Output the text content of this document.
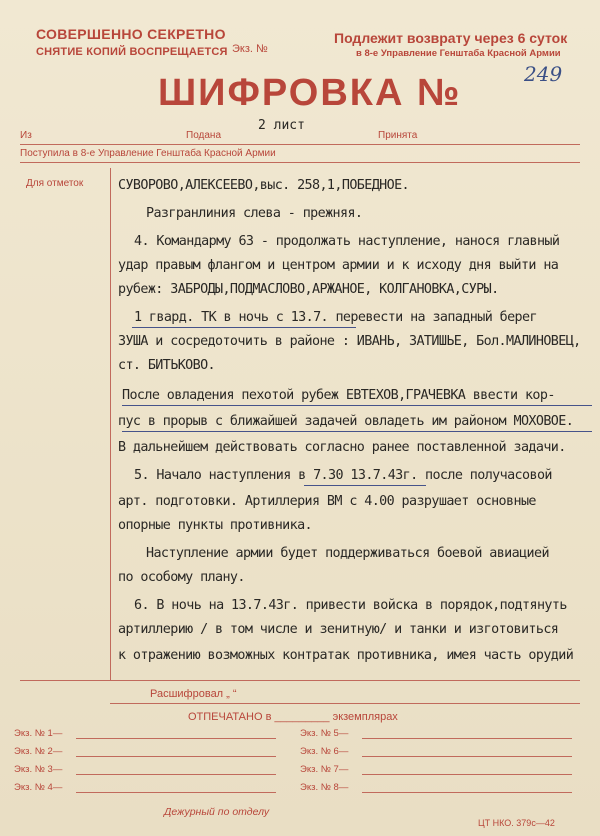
СОВЕРШЕННО СЕКРЕТНО
СНЯТИЕ КОПИЙ ВОСПРЕЩАЕТСЯ Экз. №
Подлежит возврату через 6 суток
в 8-е Управление Генштаба Красной Армии
249
ШИФРОВКА №
2 лист
Из	Подана	Принята
Поступила в 8-е Управление Генштаба Красной Армии
Для отметок	СУВОРОВО,АЛЕКСЕЕВО,выс. 258,1,ПОБЕДНОЕ.
Разгранлиния слева - прежняя.
4. Командарму 63 - продолжать наступление, нанося главный
удар правым флангом и центром армии и к исходу дня выйти на
рубеж: ЗАБРОДЫ,ПОДМАСЛОВО,АРЖАНОЕ, КОЛГАНОВКА,СУРЫ.
1 гвард. ТК в ночь с 13.7. перевести на западный берег
ЗУША и сосредоточить в районе : ИВАНЬ, ЗАТИШЬЕ, Бол.МАЛИНОВЕЦ,
ст. БИТЬКОВО.
После овладения пехотой рубеж ЕВТЕХОВ,ГРАЧЕВКА ввести кор-
пус в прорыв с ближайшей задачей овладеть им районом МОХОВОЕ.
В дальнейшем действовать согласно ранее поставленной задачи.
5. Начало наступления в 7.30 13.7.43г. после получасовой
арт. подготовки. Артиллерия ВМ с 4.00 разрушает основные
опорные пункты противника.
Наступление армии будет поддерживаться боевой авиацией
по особому плану.
6. В ночь на 13.7.43г. привести войска в порядок,подтянуть
артиллерию / в том числе и зенитную/ и танки и изготовиться
к отражению возможных контратак противника, имея часть орудий
Расшифровал „ “
ОТПЕЧАТАНО в _________ экземплярах
Экз. № 1—
Экз. № 2—
Экз. № 3—
Экз. № 4—
Экз. № 5—
Экз. № 6—
Экз. № 7—
Экз. № 8—
Дежурный по отделу
ЦТ НКО. 379с—42
